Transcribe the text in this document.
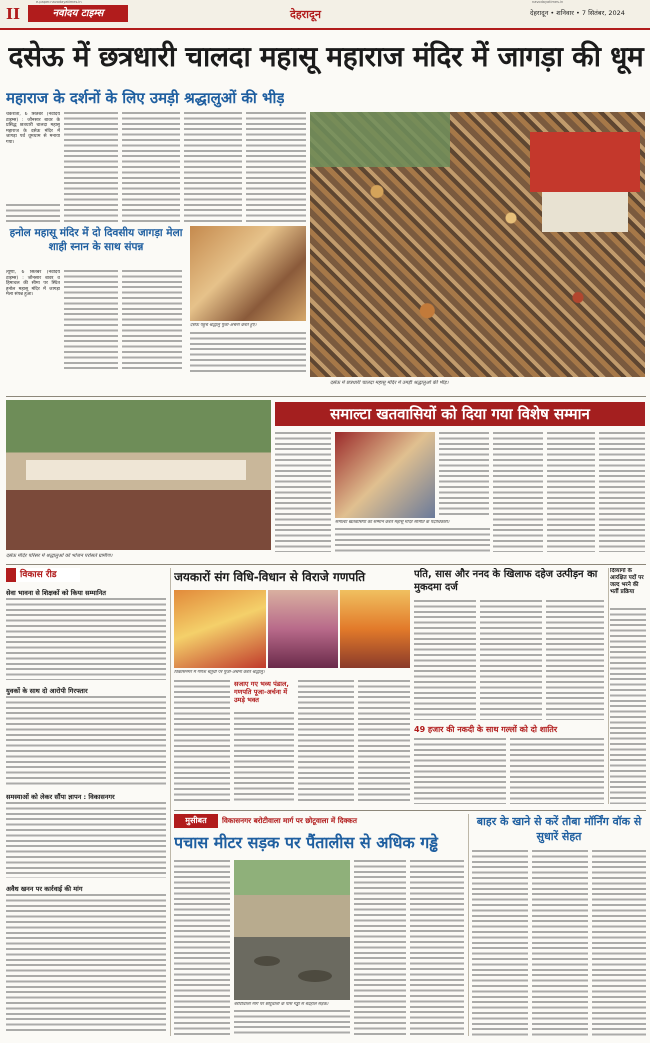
e-paper.navodayatimes.in
II	नवोदय टाइम्स	देहरादून
navodayatimes.in
देहरादून • शनिवार • 7 सितंबर, 2024
दसेऊ में छत्रधारी चालदा महासू महाराज मंदिर में जागड़ा की धूम
महाराज के दर्शनों के लिए उमड़ी श्रद्धालुओं की भीड़
चकराता, 6 सितंबर (नवोदय टाइम्स) : जौनसार बावर के प्रसिद्ध छत्रधारी चालदा महासू महाराज के दसेऊ मंदिर में जागड़ा पर्व धूमधाम से मनाया गया।
दसेऊ में छत्रधारी चालदा महासू मंदिर में उमड़ी श्रद्धालुओं की भीड़।
हनोल महासू मंदिर में दो दिवसीय जागड़ा मेला शाही स्नान के साथ संपन्न
त्यूणी, 6 सितंबर (नवोदय टाइम्स) : जौनसार बावर व हिमाचल की सीमा पर स्थित हनोल महासू मंदिर में जागड़ा मेला संपन्न हुआ।
दसेऊ पहुंचे श्रद्धालु पूजा-अर्चना करते हुए।
दसेऊ मंदिर परिसर में श्रद्धालुओं को भोजन परोसते ग्रामीण।
समाल्टा खतवासियों को दिया गया विशेष सम्मान
समाल्टा खतवासियों का सम्मान करते महासू मंदिर समिति के पदाधिकारी।
विकास रीड
सेवा भावना से शिक्षकों को किया सम्मानित
युवकों के साथ दो आरोपी गिरफ्तार
समस्याओं को लेकर सौंपा ज्ञापन : विकासनगर
अवैध खनन पर कार्रवाई की मांग
जयकारों संग विधि-विधान से विराजे गणपति
विकासनगर में गणेश चतुर्थी पर पूजा-अर्चना करते श्रद्धालु।
सजाए गए भव्य पंडाल, गणपति पूजा-अर्चना में उमड़े भक्त
पति, सास और ननद के खिलाफ दहेज उत्पीड़न का मुकदमा दर्ज
49 हजार की नकदी के साथ गल्लों को दो शातिर
दिव्यांगों के आरक्षित पदों पर जल्द भरने की भर्ती प्रक्रिया
मुसीबत	विकासनगर बरोटीवाला मार्ग पर छोटूवाला में दिक्कत
पचास मीटर सड़क पर पैंतालीस से अधिक गड्ढे
बरोटीवाला मार्ग पर छोटूवाला के पास गड्ढों से बदहाल सड़क।
बाहर के खाने से करें तौबा मॉर्निंग वॉक से सुधारें सेहत
